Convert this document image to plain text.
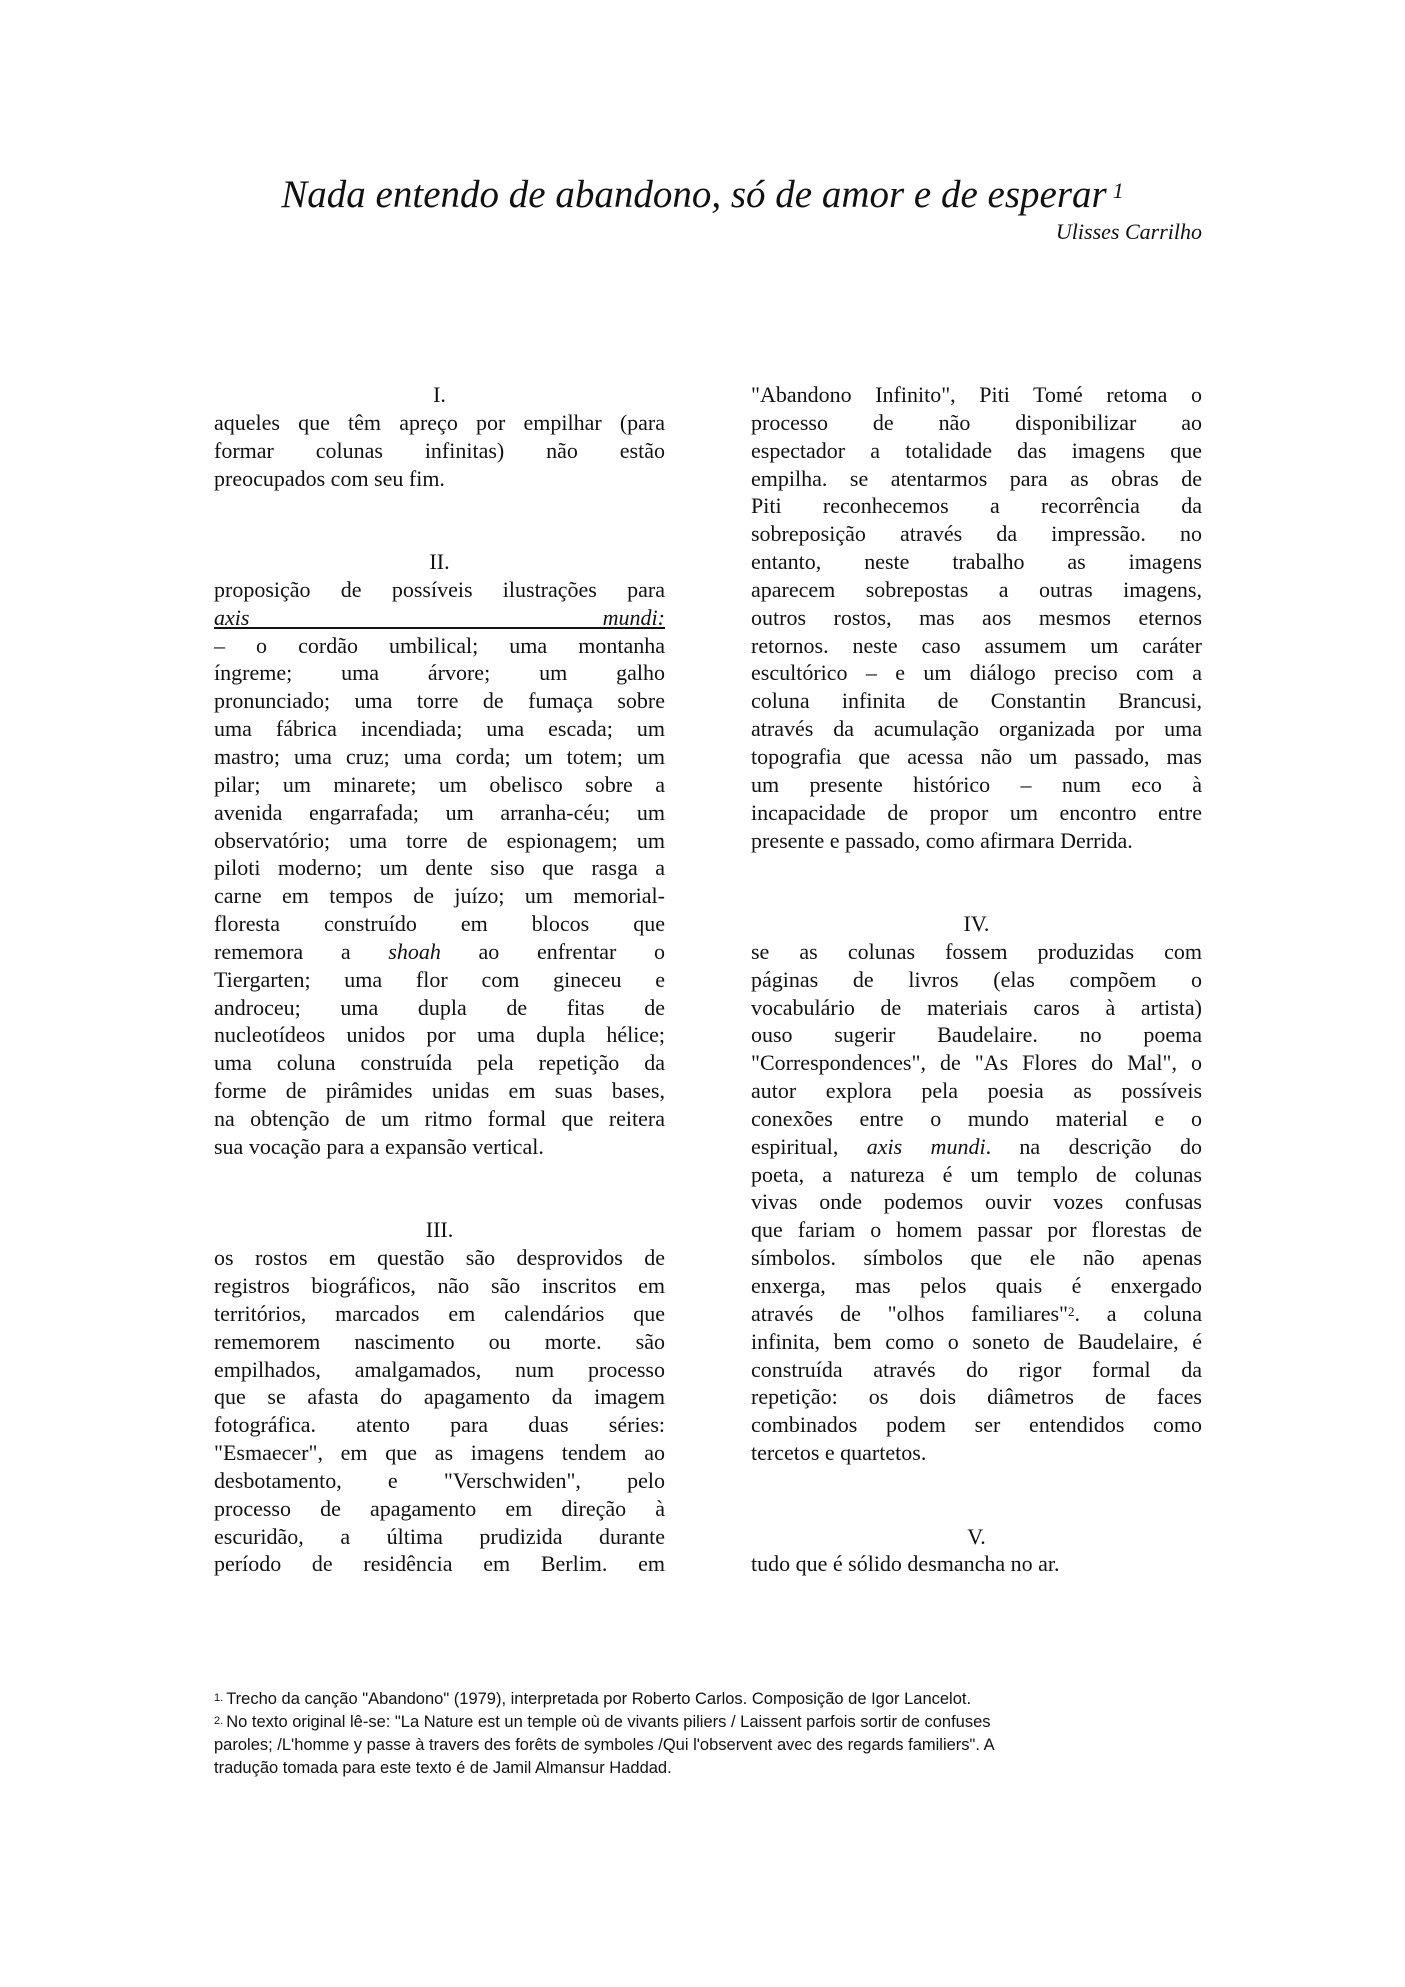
Nada entendo de abandono, só de amor e de esperar $^1$
Ulisses Carrilho
I.
aqueles que têm apreço por empilhar (para
formar colunas infinitas) não estão
preocupados com seu fim.
II.
proposição de possíveis ilustrações para
axis mundi:
– o cordão umbilical; uma montanha
íngreme; uma árvore; um galho
pronunciado; uma torre de fumaça sobre
uma fábrica incendiada; uma escada; um
mastro; uma cruz; uma corda; um totem; um
pilar; um minarete; um obelisco sobre a
avenida engarrafada; um arranha-céu; um
observatório; uma torre de espionagem; um
piloti moderno; um dente siso que rasga a
carne em tempos de juízo; um memorial-
floresta construído em blocos que
rememora a shoah ao enfrentar o
Tiergarten; uma flor com gineceu e
androceu; uma dupla de fitas de
nucleotídeos unidos por uma dupla hélice;
uma coluna construída pela repetição da
forme de pirâmides unidas em suas bases,
na obtenção de um ritmo formal que reitera
sua vocação para a expansão vertical.
III.
os rostos em questão são desprovidos de
registros biográficos, não são inscritos em
territórios, marcados em calendários que
rememorem nascimento ou morte. são
empilhados, amalgamados, num processo
que se afasta do apagamento da imagem
fotográfica. atento para duas séries:
"Esmaecer", em que as imagens tendem ao
desbotamento, e "Verschwiden", pelo
processo de apagamento em direção à
escuridão, a última prudizida durante
período de residência em Berlim. em
"Abandono Infinito", Piti Tomé retoma o
processo de não disponibilizar ao
espectador a totalidade das imagens que
empilha. se atentarmos para as obras de
Piti reconhecemos a recorrência da
sobreposição através da impressão. no
entanto, neste trabalho as imagens
aparecem sobrepostas a outras imagens,
outros rostos, mas aos mesmos eternos
retornos. neste caso assumem um caráter
escultórico – e um diálogo preciso com a
coluna infinita de Constantin Brancusi,
através da acumulação organizada por uma
topografia que acessa não um passado, mas
um presente histórico – num eco à
incapacidade de propor um encontro entre
presente e passado, como afirmara Derrida.
IV.
se as colunas fossem produzidas com
páginas de livros (elas compõem o
vocabulário de materiais caros à artista)
ouso sugerir Baudelaire. no poema
"Correspondences", de "As Flores do Mal", o
autor explora pela poesia as possíveis
conexões entre o mundo material e o
espiritual, axis mundi. na descrição do
poeta, a natureza é um templo de colunas
vivas onde podemos ouvir vozes confusas
que fariam o homem passar por florestas de
símbolos. símbolos que ele não apenas
enxerga, mas pelos quais é enxergado
através de "olhos familiares"$^2$. a coluna
infinita, bem como o soneto de Baudelaire, é
construída através do rigor formal da
repetição: os dois diâmetros de faces
combinados podem ser entendidos como
tercetos e quartetos.
V.
tudo que é sólido desmancha no ar.
$^{1.}$ Trecho da canção "Abandono" (1979), interpretada por Roberto Carlos. Composição de Igor Lancelot.
$^{2.}$ No texto original lê-se: "La Nature est un temple où de vivants piliers / Laissent parfois sortir de confuses
paroles; /L'homme y passe à travers des forêts de symboles /Qui l'observent avec des regards familiers". A
tradução tomada para este texto é de Jamil Almansur Haddad.
